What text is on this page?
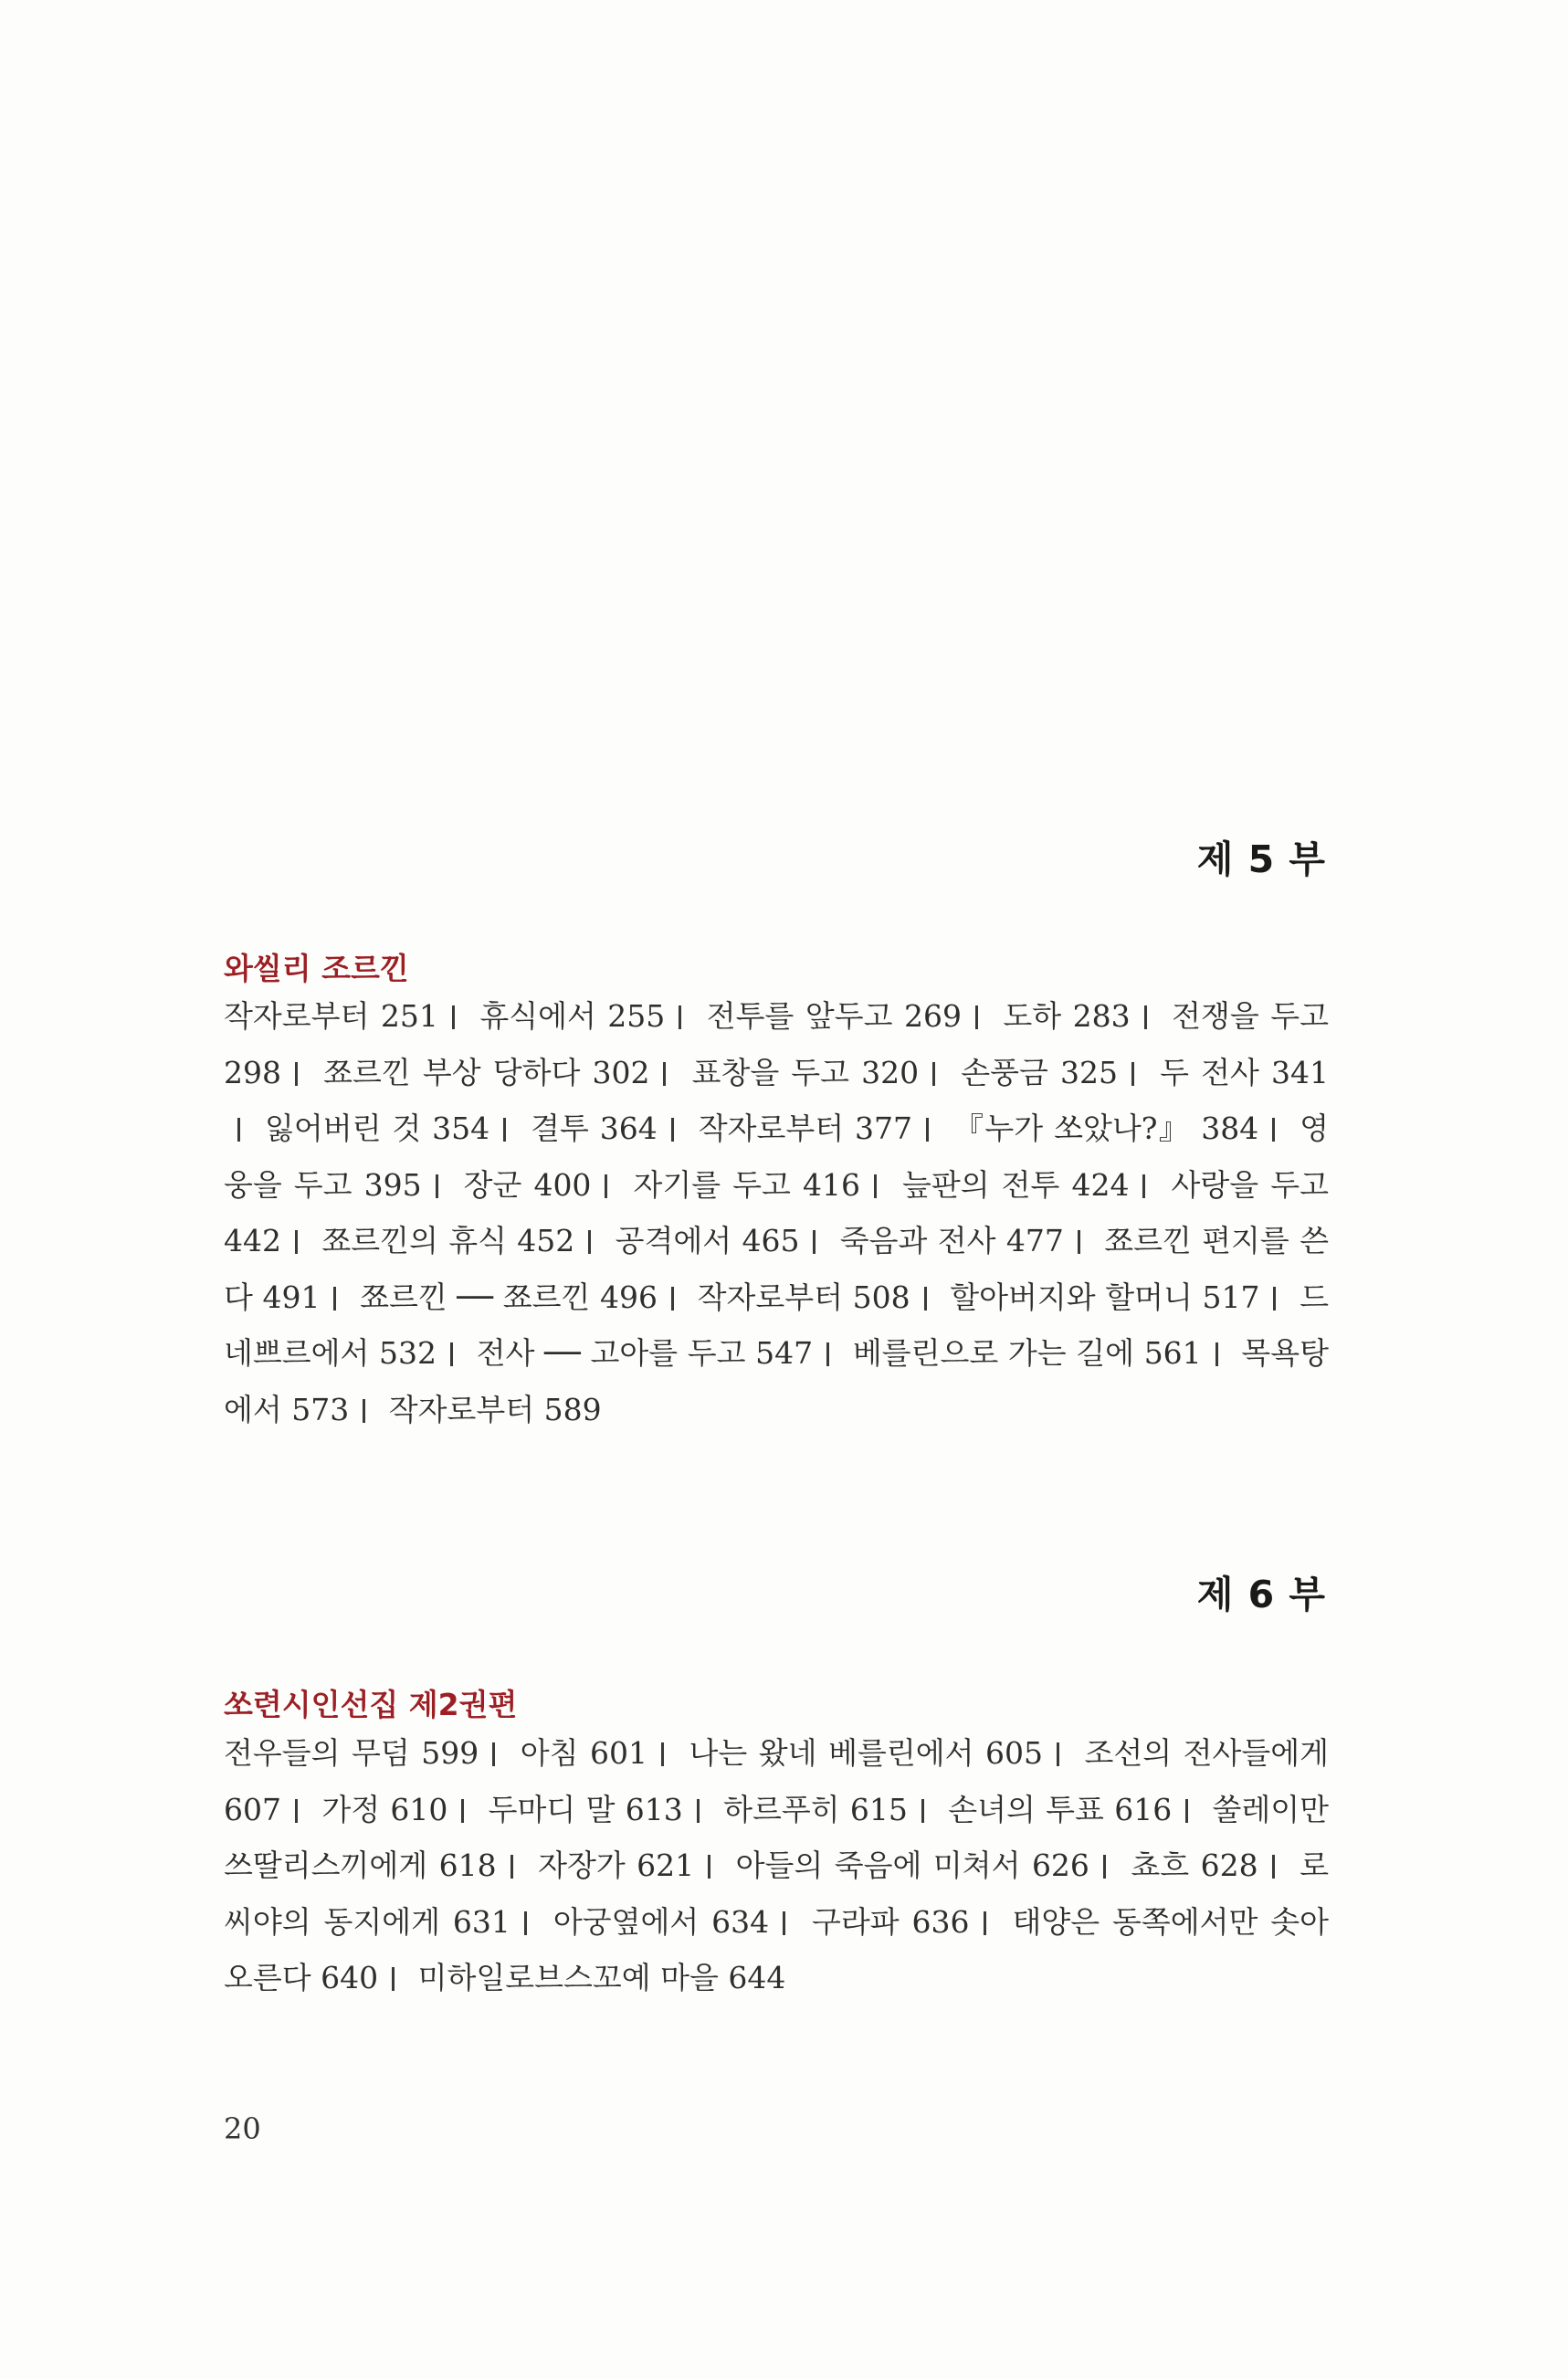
제 5 부
와씰리 조르낀

작자로부터 251 휴식에서 255 전투를 앞두고 269 도하 283 전쟁을 두고 298 쬬르낀 부상 당하다 302 표창을 두고 320 손풍금 325 두 전사 341 잃어버린 것 354 결투 364 작자로부터 377 『누가 쏘았나?』 384 영웅을 두고 395 장군 400 자기를 두고 416 늪판의 전투 424 사랑을 두고 442 쬬르낀의 휴식 452 공격에서 465 죽음과 전사 477 쬬르낀 편지를 쓴다 491 쬬르낀 ── 쬬르낀 496 작자로부터 508 할아버지와 할머니 517 드네쁘르에서 532 전사 ── 고아를 두고 547 베를린으로 가는 길에 561 목욕탕에서 573 작자로부터 589

제 6 부
쏘련시인선집 제2권편

전우들의 무덤 599 아침 601 나는 왔네 베를린에서 605 조선의 전사들에게 607 가정 610 두마디 말 613 하르푸히 615 손녀의 투표 616 쑬레이만 쓰딸리스끼에게 618 자장가 621 아들의 죽음에 미쳐서 626 쵸흐 628 로씨야의 동지에게 631 아궁옆에서 634 구라파 636 태양은 동쪽에서만 솟아 오른다 640 미하일로브스꼬예 마을 644

20
